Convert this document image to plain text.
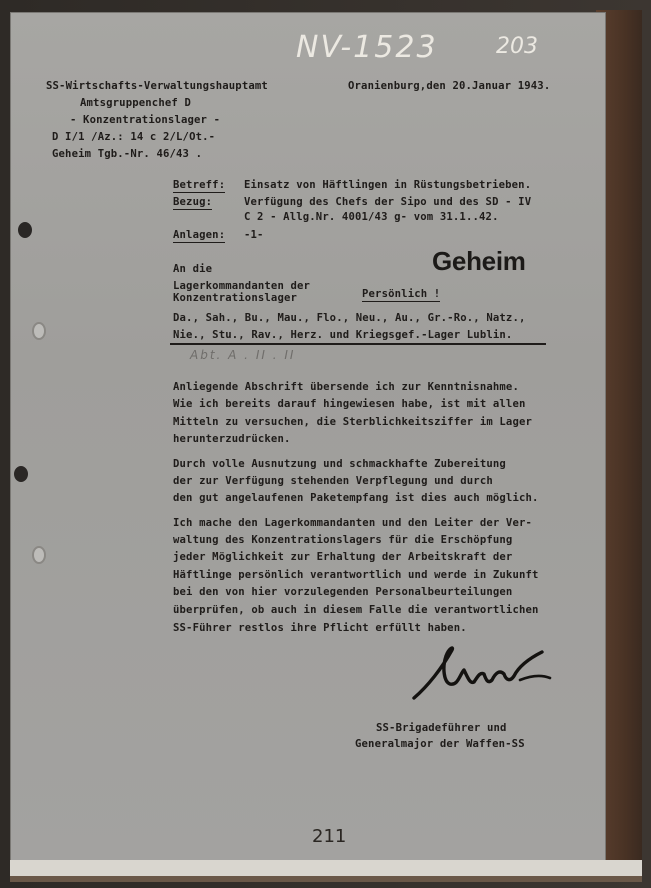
NV-1523	203
SS-Wirtschafts-Verwaltungshauptamt
Amtsgruppenchef D
- Konzentrationslager -
D I/1 /Az.: 14 c 2/L/Ot.-
Geheim Tgb.-Nr. 46/43 .
Oranienburg,den 20.Januar 1943.
Betreff: Einsatz von Häftlingen in Rüstungsbetrieben.
Bezug:	Verfügung des Chefs der Sipo und des SD - IV
C 2 - Allg.Nr. 4001/43 g- vom 31.1..42.
Anlagen: -1-
Geheim
An die
Lagerkommandanten der
Konzentrationslager	Persönlich !
Da., Sah., Bu., Mau., Flo., Neu., Au., Gr.-Ro., Natz.,
Nie., Stu., Rav., Herz. und Kriegsgef.-Lager Lublin.
Abt. A . II . II
Anliegende Abschrift übersende ich zur Kenntnisnahme.
Wie ich bereits darauf hingewiesen habe, ist mit allen
Mitteln zu versuchen, die Sterblichkeitsziffer im Lager
herunterzudrücken.
Durch volle Ausnutzung und schmackhafte Zubereitung
der zur Verfügung stehenden Verpflegung und durch
den gut angelaufenen Paketempfang ist dies auch möglich.
Ich mache den Lagerkommandanten und den Leiter der Ver-
waltung des Konzentrationslagers für die Erschöpfung
jeder Möglichkeit zur Erhaltung der Arbeitskraft der
Häftlinge persönlich verantwortlich und werde in Zukunft
bei den von hier vorzulegenden Personalbeurteilungen
überprüfen, ob auch in diesem Falle die verantwortlichen
SS-Führer restlos ihre Pflicht erfüllt haben.
SS-Brigadeführer und
Generalmajor der Waffen-SS
211
